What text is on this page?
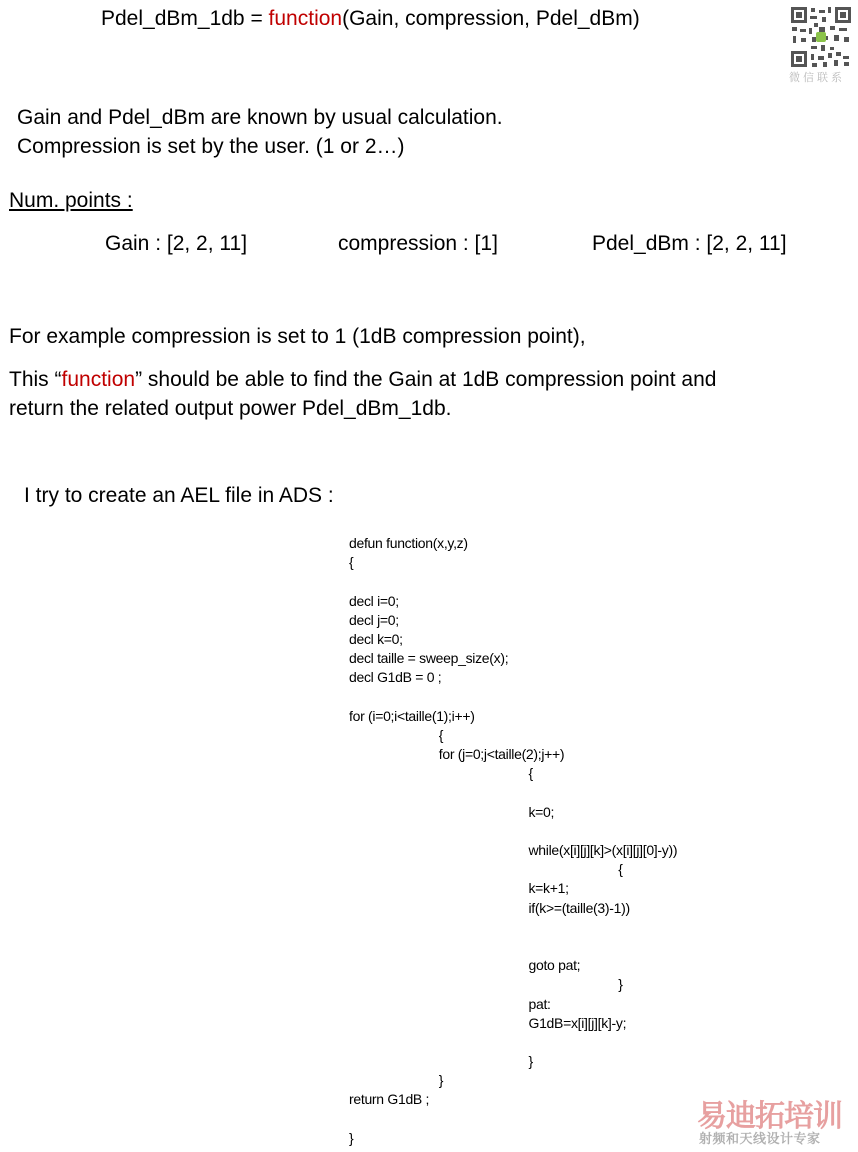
Pdel_dBm_1db = function(Gain, compression, Pdel_dBm)
微信联系
Gain and Pdel_dBm are known by usual calculation.
Compression is set by the user. (1 or 2…)
Num. points :
Gain : [2, 2, 11]	compression : [1]	Pdel_dBm : [2, 2, 11]
For example compression is set to 1 (1dB compression point),
This “function” should be able to find the Gain at 1dB compression point and
return the related output power Pdel_dBm_1db.
I try to create an AEL file in ADS :
defun function(x,y,z)
{
decl i=0;
decl j=0;
decl k=0;
decl taille = sweep_size(x);
decl G1dB = 0 ;
for (i=0;i<taille(1);i++)
{
for (j=0;j<taille(2);j++)
{
k=0;
while(x[i][j][k]>(x[i][j][0]-y))
{
k=k+1;
if(k>=(taille(3)-1))
goto pat;
}
pat:
G1dB=x[i][j][k]-y;
}
}
return G1dB ;
}
易迪拓培训
射频和天线设计专家
